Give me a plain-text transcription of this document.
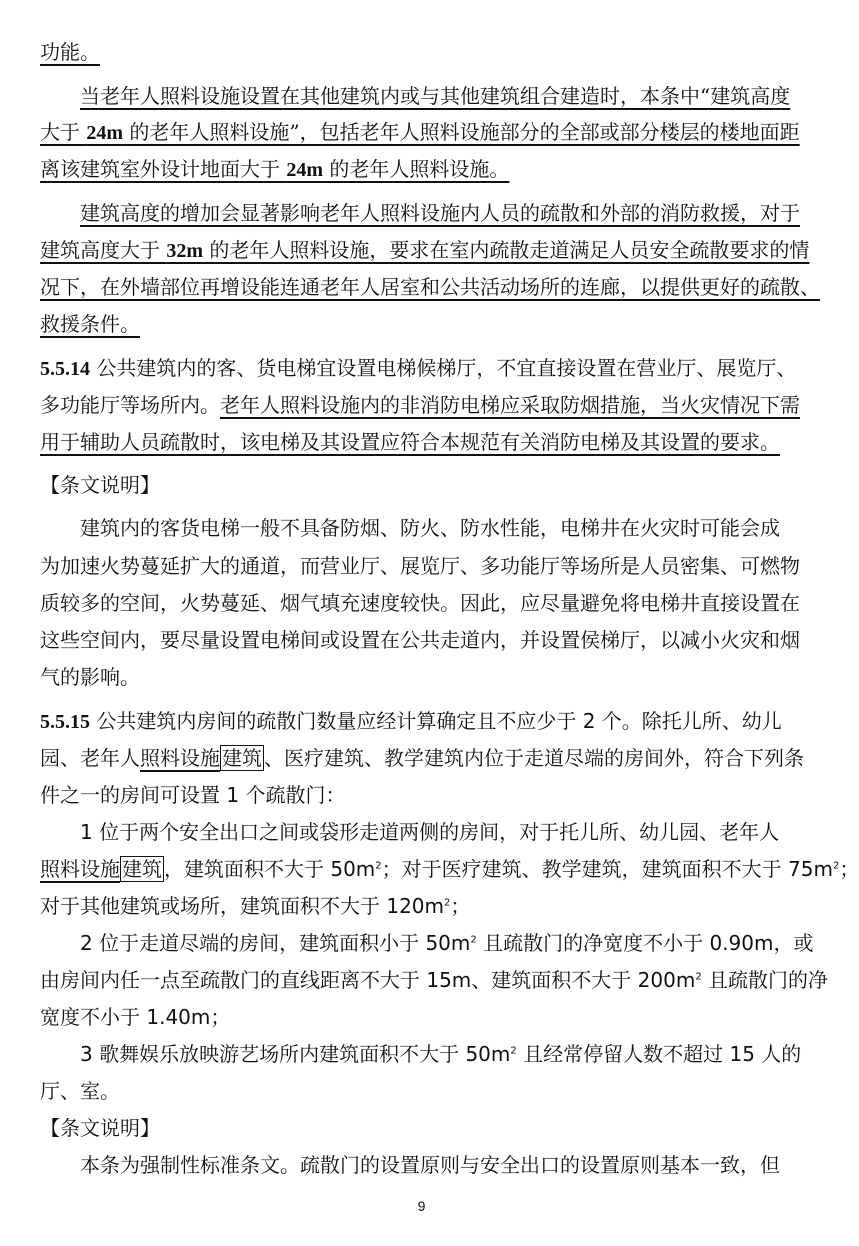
功能。
当老年人照料设施设置在其他建筑内或与其他建筑组合建造时，本条中“建筑高度
大于 24m 的老年人照料设施”，包括老年人照料设施部分的全部或部分楼层的楼地面距
离该建筑室外设计地面大于 24m 的老年人照料设施。
建筑高度的增加会显著影响老年人照料设施内人员的疏散和外部的消防救援，对于
建筑高度大于 32m 的老年人照料设施，要求在室内疏散走道满足人员安全疏散要求的情
况下，在外墙部位再增设能连通老年人居室和公共活动场所的连廊，以提供更好的疏散、
救援条件。
5.5.14 公共建筑内的客、货电梯宜设置电梯候梯厅，不宜直接设置在营业厅、展览厅、
多功能厅等场所内。老年人照料设施内的非消防电梯应采取防烟措施，当火灾情况下需
用于辅助人员疏散时，该电梯及其设置应符合本规范有关消防电梯及其设置的要求。
【条文说明】
建筑内的客货电梯一般不具备防烟、防火、防水性能，电梯井在火灾时可能会成
为加速火势蔓延扩大的通道，而营业厅、展览厅、多功能厅等场所是人员密集、可燃物
质较多的空间，火势蔓延、烟气填充速度较快。因此，应尽量避免将电梯井直接设置在
这些空间内，要尽量设置电梯间或设置在公共走道内，并设置侯梯厅，以减小火灾和烟
气的影响。
5.5.15 公共建筑内房间的疏散门数量应经计算确定且不应少于 2 个。除托儿所、幼儿
园、老年人照料设施 建筑 、医疗建筑、教学建筑内位于走道尽端的房间外，符合下列条
件之一的房间可设置 1 个疏散门：
1 位于两个安全出口之间或袋形走道两侧的房间，对于托儿所、幼儿园、老年人
照料设施 建筑 ，建筑面积不大于 $50m^2$；对于医疗建筑、教学建筑，建筑面积不大于 $75m^2$；
对于其他建筑或场所，建筑面积不大于 $120m^2$；
2 位于走道尽端的房间，建筑面积小于 $50m^2$ 且疏散门的净宽度不小于 0.90m，或
由房间内任一点至疏散门的直线距离不大于 15m、建筑面积不大于 $200m^2$ 且疏散门的净
宽度不小于 1.40m；
3 歌舞娱乐放映游艺场所内建筑面积不大于 $50m^2$ 且经常停留人数不超过 15 人的
厅、室。
【条文说明】
本条为强制性标准条文。疏散门的设置原则与安全出口的设置原则基本一致，但
9
